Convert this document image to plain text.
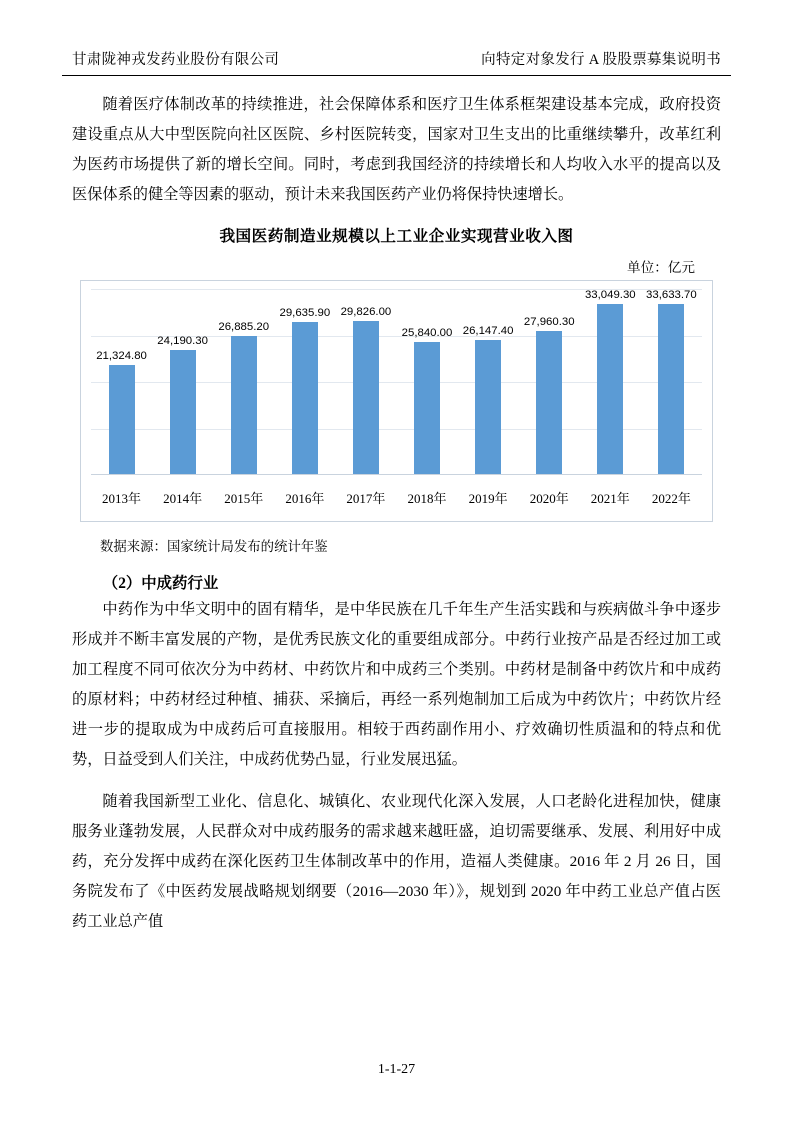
甘肃陇神戎发药业股份有限公司	向特定对象发行 A 股股票募集说明书

随着医疗体制改革的持续推进，社会保障体系和医疗卫生体系框架建设基本完成，政府投资建设重点从大中型医院向社区医院、乡村医院转变，国家对卫生支出的比重继续攀升，改革红利为医药市场提供了新的增长空间。同时，考虑到我国经济的持续增长和人均收入水平的提高以及医保体系的健全等因素的驱动，预计未来我国医药产业仍将保持快速增长。

我国医药制造业规模以上工业企业实现营业收入图
单位：亿元
21,324.80
24,190.30
26,885.20
29,635.90 29,826.00
25,840.00 26,147.40
27,960.30
33,049.30 33,633.70
2013年	2014年	2015年	2016年	2017年	2018年	2019年	2020年	2021年	2022年
数据来源：国家统计局发布的统计年鉴
（2）中成药行业

中药作为中华文明中的固有精华，是中华民族在几千年生产生活实践和与疾病做斗争中逐步形成并不断丰富发展的产物，是优秀民族文化的重要组成部分。中药行业按产品是否经过加工或加工程度不同可依次分为中药材、中药饮片和中成药三个类别。中药材是制备中药饮片和中成药的原材料；中药材经过种植、捕获、采摘后，再经一系列炮制加工后成为中药饮片；中药饮片经进一步的提取成为中成药后可直接服用。相较于西药副作用小、疗效确切性质温和的特点和优势，日益受到人们关注，中成药优势凸显，行业发展迅猛。

随着我国新型工业化、信息化、城镇化、农业现代化深入发展，人口老龄化进程加快，健康服务业蓬勃发展，人民群众对中成药服务的需求越来越旺盛，迫切需要继承、发展、利用好中成药，充分发挥中成药在深化医药卫生体制改革中的作用，造福人类健康。2016 年 2 月 26 日，国务院发布了《中医药发展战略规划纲要（2016—2030 年）》，规划到 2020 年中药工业总产值占医药工业总产值

1-1-27
